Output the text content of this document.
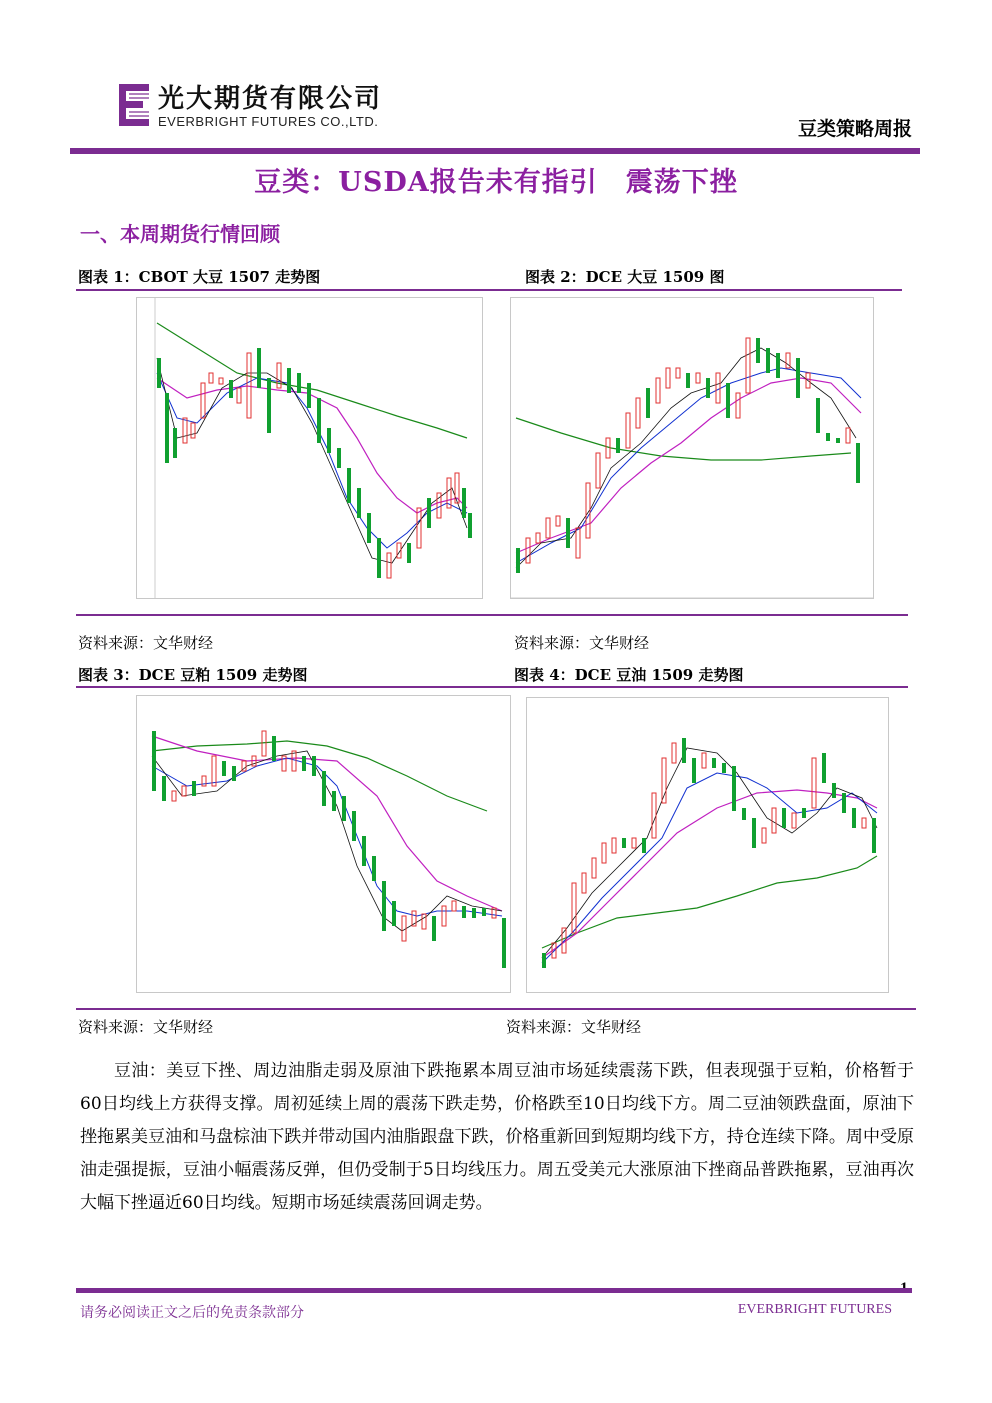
光大期货有限公司
EVERBRIGHT FUTURES CO.,LTD.	豆类策略周报
豆类：USDA报告未有指引　震荡下挫
一、本周期货行情回顾
图表 1：CBOT 大豆 1507 走势图	图表 2：DCE 大豆 1509 图
资料来源：文华财经	资料来源：文华财经
图表 3：DCE 豆粕 1509 走势图	图表 4：DCE 豆油 1509 走势图
资料来源：文华财经	资料来源：文华财经
豆油：美豆下挫、周边油脂走弱及原油下跌拖累本周豆油市场延续震荡下跌，但表现强于豆粕，价格暂于60日均线上方获得支撑。周初延续上周的震荡下跌走势，价格跌至10日均线下方。周二豆油领跌盘面，原油下挫拖累美豆油和马盘棕油下跌并带动国内油脂跟盘下跌，价格重新回到短期均线下方，持仓连续下降。周中受原油走强提振，豆油小幅震荡反弹，但仍受制于5日均线压力。周五受美元大涨原油下挫商品普跌拖累，豆油再次大幅下挫逼近60日均线。短期市场延续震荡回调走势。
请务必阅读正文之后的免责条款部分	EVERBRIGHT FUTURES
